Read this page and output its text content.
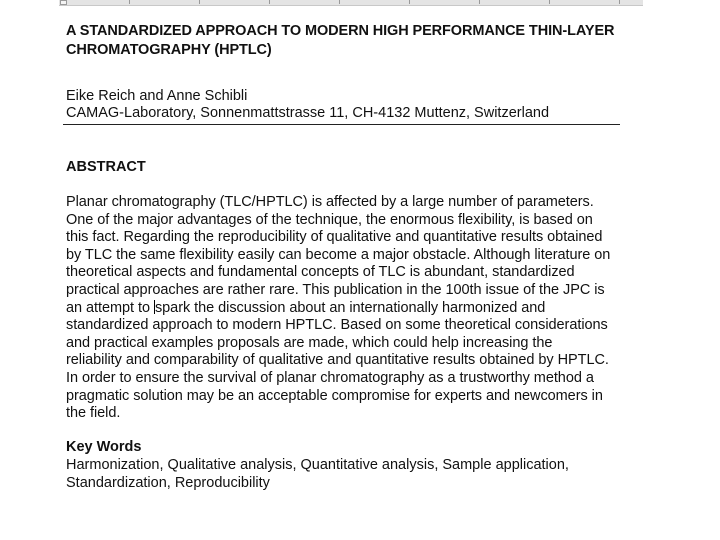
A STANDARDIZED APPROACH TO MODERN HIGH PERFORMANCE THIN-LAYER CHROMATOGRAPHY (HPTLC)
Eike Reich and Anne Schibli
CAMAG-Laboratory, Sonnenmattstrasse 11, CH-4132 Muttenz, Switzerland
ABSTRACT
Planar chromatography (TLC/HPTLC) is affected by a large number of parameters. One of the major advantages of the technique, the enormous flexibility, is based on this fact. Regarding the reproducibility of qualitative and quantitative results obtained by TLC the same flexibility easily can become a major obstacle. Although literature on theoretical aspects and fundamental concepts of TLC is abundant, standardized practical approaches are rather rare. This publication in the 100th issue of the JPC is an attempt to spark the discussion about an internationally harmonized and standardized approach to modern HPTLC. Based on some theoretical considerations and practical examples proposals are made, which could help increasing the reliability and comparability of qualitative and quantitative results obtained by HPTLC. In order to ensure the survival of planar chromatography as a trustworthy method a pragmatic solution may be an acceptable compromise for experts and newcomers in the field.
Key Words
Harmonization, Qualitative analysis, Quantitative analysis, Sample application, Standardization, Reproducibility
